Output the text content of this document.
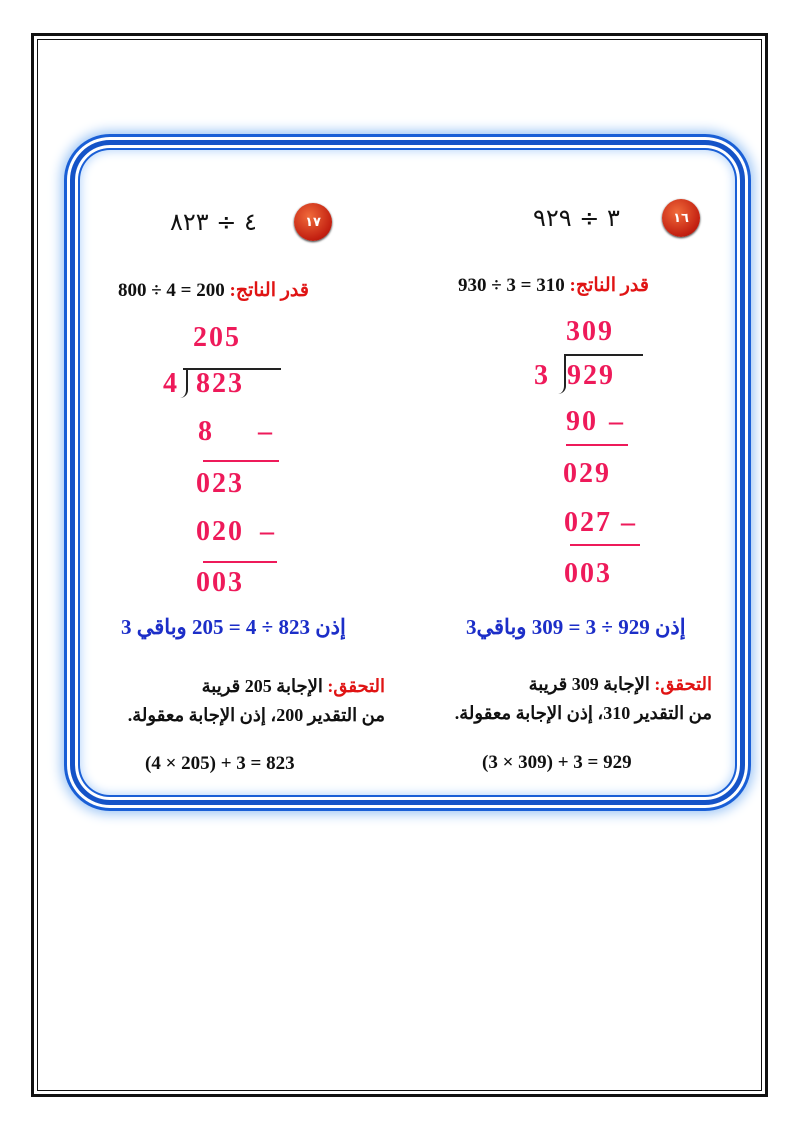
١٦
٣ ÷ ٩٢٩
قدر الناتج: 930 ÷ 3 = 310
309
3 929
90 –
029
027 –
003
إذن 929 ÷ 3 = 309 وباقي3
التحقق: الإجابة 309 قريبة
من التقدير 310، إذن الإجابة معقولة.
(3 × 309) + 3 = 929
١٧
٤ ÷ ٨٢٣
قدر الناتج: 800 ÷ 4 = 200
205
4 823
8 –
023
020 –
003
إذن 823 ÷ 4 = 205 وباقي 3
التحقق: الإجابة 205 قريبة
من التقدير 200، إذن الإجابة معقولة.
(4 × 205) + 3 = 823
